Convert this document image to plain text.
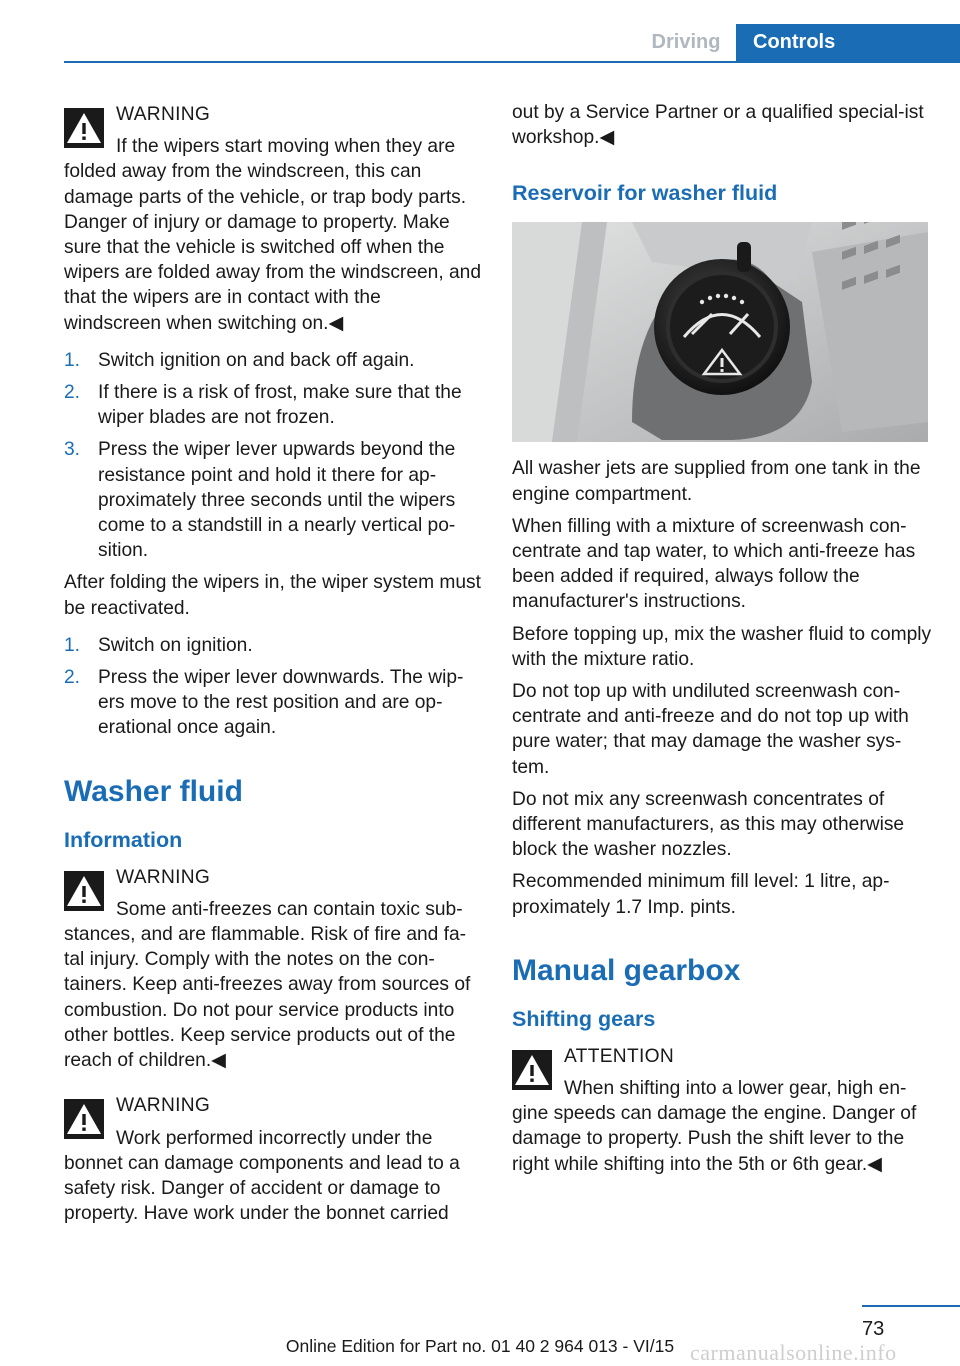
Driving	Controls
WARNING
If the wipers start moving when they are folded away from the windscreen, this can damage parts of the vehicle, or trap body parts. Danger of injury or damage to property. Make sure that the vehicle is switched off when the wipers are folded away from the windscreen, and that the wipers are in contact with the windscreen when switching on.◀
1. Switch ignition on and back off again.
2. If there is a risk of frost, make sure that the wiper blades are not frozen.
3. Press the wiper lever upwards beyond the resistance point and hold it there for ap-proximately three seconds until the wipers come to a standstill in a nearly vertical po-sition.

After folding the wipers in, the wiper system must be reactivated.

1. Switch on ignition.
2. Press the wiper lever downwards. The wip-ers move to the rest position and are op-erational once again.
Washer fluid
Information
WARNING
Some anti-freezes can contain toxic sub-stances, and are flammable. Risk of fire and fa-tal injury. Comply with the notes on the con-tainers. Keep anti-freezes away from sources of combustion. Do not pour service products into other bottles. Keep service products out of the reach of children.◀
WARNING
Work performed incorrectly under the bonnet can damage components and lead to a safety risk. Danger of accident or damage to property. Have work under the bonnet carried

out by a Service Partner or a qualified special-ist workshop.◀

Reservoir for washer fluid

All washer jets are supplied from one tank in the engine compartment.

When filling with a mixture of screenwash con-centrate and tap water, to which anti-freeze has been added if required, always follow the manufacturer's instructions.

Before topping up, mix the washer fluid to comply with the mixture ratio.

Do not top up with undiluted screenwash con-centrate and anti-freeze and do not top up with pure water; that may damage the washer sys-tem.

Do not mix any screenwash concentrates of different manufacturers, as this may otherwise block the washer nozzles.

Recommended minimum fill level: 1 litre, ap-proximately 1.7 Imp. pints.

Manual gearbox
Shifting gears
ATTENTION
When shifting into a lower gear, high en-gine speeds can damage the engine. Danger of damage to property. Push the shift lever to the right while shifting into the 5th or 6th gear.◀
73
Online Edition for Part no. 01 40 2 964 013 - VI/15 carmanualsonline.info
